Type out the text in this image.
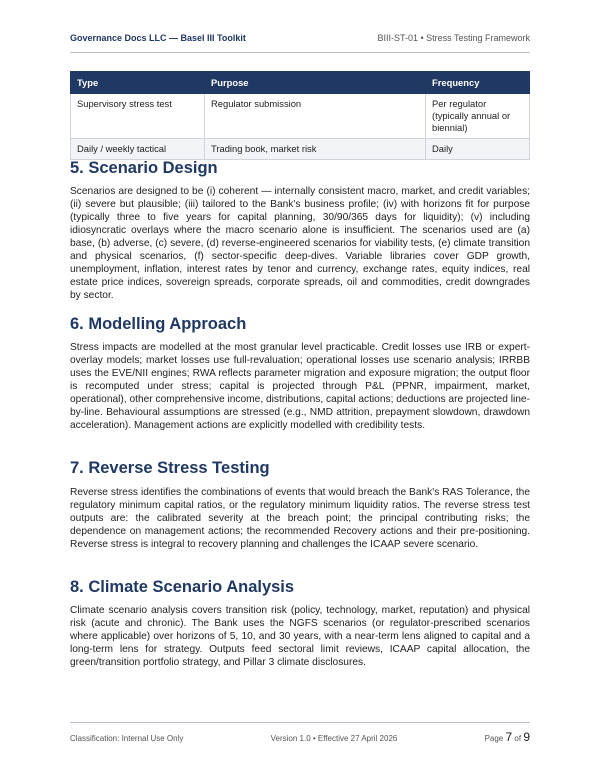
Governance Docs LLC — Basel III Toolkit	BIII-ST-01 • Stress Testing Framework
Type	Purpose	Frequency
Supervisory stress test	Regulator submission	Per regulator (typically annual or biennial)
Daily / weekly tactical	Trading book, market risk	Daily
5. Scenario Design

Scenarios are designed to be (i) coherent — internally consistent macro, market, and credit variables; (ii) severe but plausible; (iii) tailored to the Bank's business profile; (iv) with horizons fit for purpose (typically three to five years for capital planning, 30/90/365 days for liquidity); (v) including idiosyncratic overlays where the macro scenario alone is insufficient. The scenarios used are (a) base, (b) adverse, (c) severe, (d) reverse-engineered scenarios for viability tests, (e) climate transition and physical scenarios, (f) sector-specific deep-dives. Variable libraries cover GDP growth, unemployment, inflation, interest rates by tenor and currency, exchange rates, equity indices, real estate price indices, sovereign spreads, corporate spreads, oil and commodities, credit downgrades by sector.

6. Modelling Approach

Stress impacts are modelled at the most granular level practicable. Credit losses use IRB or expert-overlay models; market losses use full-revaluation; operational losses use scenario analysis; IRRBB uses the EVE/NII engines; RWA reflects parameter migration and exposure migration; the output floor is recomputed under stress; capital is projected through P&L (PPNR, impairment, market, operational), other comprehensive income, distributions, capital actions; deductions are projected line-by-line. Behavioural assumptions are stressed (e.g., NMD attrition, prepayment slowdown, drawdown acceleration). Management actions are explicitly modelled with credibility tests.

7. Reverse Stress Testing

Reverse stress identifies the combinations of events that would breach the Bank's RAS Tolerance, the regulatory minimum capital ratios, or the regulatory minimum liquidity ratios. The reverse stress test outputs are: the calibrated severity at the breach point; the principal contributing risks; the dependence on management actions; the recommended Recovery actions and their pre-positioning. Reverse stress is integral to recovery planning and challenges the ICAAP severe scenario.

8. Climate Scenario Analysis

Climate scenario analysis covers transition risk (policy, technology, market, reputation) and physical risk (acute and chronic). The Bank uses the NGFS scenarios (or regulator-prescribed scenarios where applicable) over horizons of 5, 10, and 30 years, with a near-term lens aligned to capital and a long-term lens for strategy. Outputs feed sectoral limit reviews, ICAAP capital allocation, the green/transition portfolio strategy, and Pillar 3 climate disclosures.

Classification: Internal Use Only	Version 1.0 • Effective 27 April 2026	Page 7 of 9
